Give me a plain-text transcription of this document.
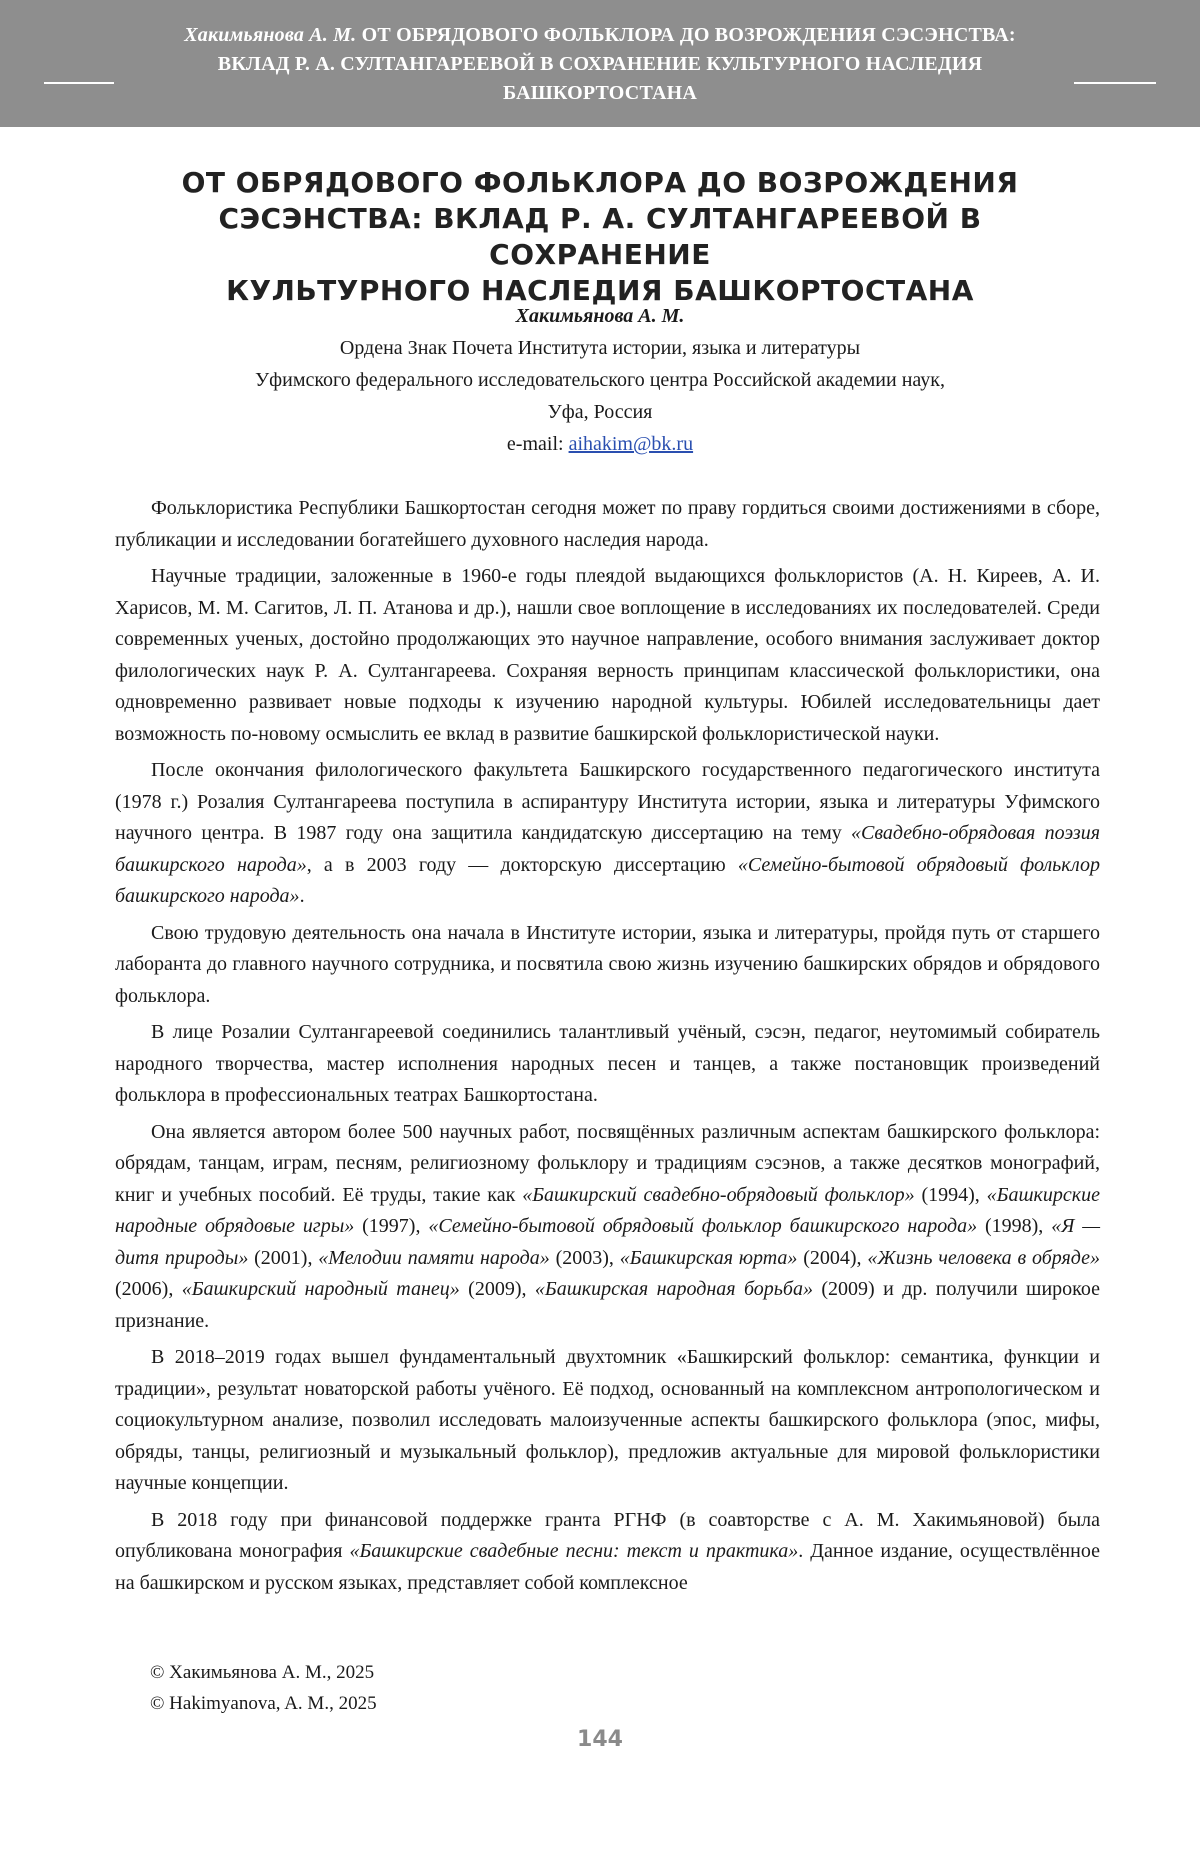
Хакимьянова А. М. ОТ ОБРЯДОВОГО ФОЛЬКЛОРА ДО ВОЗРОЖДЕНИЯ СЭСЭНСТВА:
ВКЛАД Р. А. СУЛТАНГАРЕЕВОЙ В СОХРАНЕНИЕ КУЛЬТУРНОГО НАСЛЕДИЯ
БАШКОРТОСТАНА
ОТ ОБРЯДОВОГО ФОЛЬКЛОРА ДО ВОЗРОЖДЕНИЯ
СЭСЭНСТВА: ВКЛАД Р. А. СУЛТАНГАРЕЕВОЙ В СОХРАНЕНИЕ
КУЛЬТУРНОГО НАСЛЕДИЯ БАШКОРТОСТАНА
Хакимьянова А. М.
Ордена Знак Почета Института истории, языка и литературы
Уфимского федерального исследовательского центра Российской академии наук,
Уфа, Россия
e-mail: aihakim@bk.ru

Фольклористика Республики Башкортостан сегодня может по праву гордиться своими достижениями в сборе, публикации и исследовании богатейшего духовного наследия народа.

Научные традиции, заложенные в 1960-е годы плеядой выдающихся фольклористов (А. Н. Киреев, А. И. Харисов, М. М. Сагитов, Л. П. Атанова и др.), нашли свое воплощение в исследованиях их последователей. Среди современных ученых, достойно продолжающих это научное направление, особого внимания заслуживает доктор филологических наук Р. А. Султангареева. Сохраняя верность принципам классической фольклористики, она одновременно развивает новые подходы к изучению народной культуры. Юбилей исследовательницы дает возможность по-новому осмыслить ее вклад в развитие башкирской фольклористической науки.

После окончания филологического факультета Башкирского государственного педагогического института (1978 г.) Розалия Султангареева поступила в аспирантуру Института истории, языка и литературы Уфимского научного центра. В 1987 году она защитила кандидатскую диссертацию на тему «Свадебно-обрядовая поэзия башкирского народа», а в 2003 году — докторскую диссертацию «Семейно-бытовой обрядовый фольклор башкирского народа».

Свою трудовую деятельность она начала в Институте истории, языка и литературы, пройдя путь от старшего лаборанта до главного научного сотрудника, и посвятила свою жизнь изучению башкирских обрядов и обрядового фольклора.

В лице Розалии Султангареевой соединились талантливый учёный, сэсэн, педагог, неутомимый собиратель народного творчества, мастер исполнения народных песен и танцев, а также постановщик произведений фольклора в профессиональных театрах Башкортостана.

Она является автором более 500 научных работ, посвящённых различным аспектам башкирского фольклора: обрядам, танцам, играм, песням, религиозному фольклору и традициям сэсэнов, а также десятков монографий, книг и учебных пособий. Её труды, такие как «Башкирский свадебно-обрядовый фольклор» (1994), «Башкирские народные обрядовые игры» (1997), «Семейно-бытовой обрядовый фольклор башкирского народа» (1998), «Я — дитя природы» (2001), «Мелодии памяти народа» (2003), «Башкирская юрта» (2004), «Жизнь человека в обряде» (2006), «Башкирский народный танец» (2009), «Башкирская народная борьба» (2009) и др. получили широкое признание.

В 2018–2019 годах вышел фундаментальный двухтомник «Башкирский фольклор: семантика, функции и традиции», результат новаторской работы учёного. Её подход, основанный на комплексном антропологическом и социокультурном анализе, позволил исследовать малоизученные аспекты башкирского фольклора (эпос, мифы, обряды, танцы, религиозный и музыкальный фольклор), предложив актуальные для мировой фольклористики научные концепции.

В 2018 году при финансовой поддержке гранта РГНФ (в соавторстве с А. М. Хакимьяновой) была опубликована монография «Башкирские свадебные песни: текст и практика». Данное издание, осуществлённое на башкирском и русском языках, представляет собой комплексное

© Хакимьянова А. М., 2025
© Hakimyanova, A. M., 2025
144
